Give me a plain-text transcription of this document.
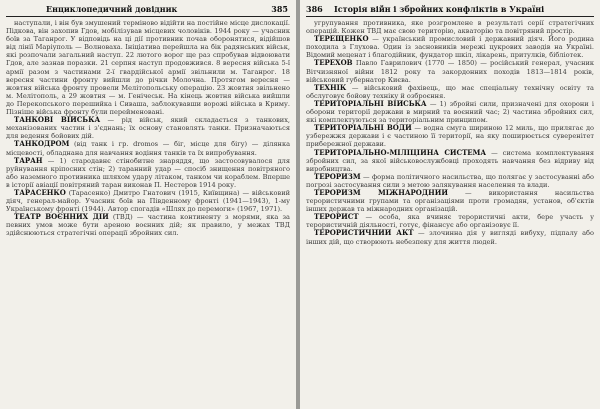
Енциклопедичний довідник	385

наступали, і він був змушений терміново відійти на постійне місце дислокації. Підкова, він захопив Гдов, мобілізував місцевих чоловіків. 1944 року — учасник боїв за Таганрог. У відповідь на ці дії противник почав оборонятися, відійшов від лінії Маріуполь — Волноваха. Ініціатива перейшла на бік радянських військ, які розпочали загальний наступ. 22 лютого ворог ще раз спробував відвоювати Гдов, але зазнав поразки. 21 серпня наступ продовжився. 8 вересня війська 5-ї армії разом з частинами 2-ї гвардійської армії звільнили м. Таганрог. 18 вересня частини фронту вийшли до річки Молочна. Протягом вересня — жовтня війська фронту провели Мелітопольську операцію. 23 жовтня звільнено м. Мелітополь, а 29 жовтня — м. Генічеськ. На кінець жовтня війська вийшли до Перекопського перешийка і Сиваша, заблокувавши ворожі війська в Криму. Пізніше війська фронту були перейменовані.

ТАНКОВІ ВІЙСЬКА — рід військ, який складається з танкових, механізованих частин і з'єднань; їх основу становлять танки. Призначаються для ведення бойових дій.

ТАНКОДРОМ (від танк і гр. dromos — біг, місце для бігу) — ділянка місцевості, обладнана для навчання водіння танків та їх випробування.

ТАРАН — 1) стародавнє стінобитне знаряддя, що застосовувалося для руйнування кріпосних стін; 2) таранний удар — спосіб знищення повітряного або наземного противника шляхом удару літаком, танком чи кораблем. Вперше в історії авіації повітряний таран виконав П. Нестеров 1914 року.

ТАРАСЕНКО (Тарасенко) Дмитро Гнатович (1915, Київщина) — військовий діяч, генерал-майор. Учасник боїв на Південному фронті (1941—1943), 1-му Українському фронті (1944). Автор спогадів «Шлях до перемоги» (1967, 1971).

ТЕАТР ВОЄННИХ ДІЙ (ТВД) — частина континенту з морями, яка за певних умов може бути ареною воєнних дій; як правило, у межах ТВД здійснюються стратегічні операції збройних сил.

386 Історія війн і збройних конфліктів в Україні

угрупування противника, яке розгромлене в результаті серії стратегічних операцій. Кожен ТВД має свою територію, акваторію та повітряний простір.

ТЕРЕЩЕНКО — український промисловий і державний діяч. Його родина походила з Глухова. Один із засновників мережі цукрових заводів на Україні. Відомий меценат і благодійник, фундатор шкіл, лікарень, притулків, бібліотек.

ТЕРЕХОВ Павло Гаврилович (1770 — 1850) — російський генерал, учасник Вітчизняної війни 1812 року та закордонних походів 1813—1814 років, військовий губернатор Києва.

ТЕХНІК — військовий фахівець, що має спеціальну технічну освіту та обслуговує бойову техніку й озброєння.

ТЕРИТОРІАЛЬНІ ВІЙСЬКА — 1) збройні сили, призначені для охорони і оборони території держави в мирний та воєнний час; 2) частина збройних сил, які комплектуються за територіальним принципом.

ТЕРИТОРІАЛЬНІ ВОДИ — водна смуга шириною 12 миль, що прилягає до узбережжя держави і є частиною її території, на яку поширюється суверенітет прибережної держави.

ТЕРИТОРІАЛЬНО-МІЛІЦІЙНА СИСТЕМА — система комплектування збройних сил, за якої військовослужбовці проходять навчання без відриву від виробництва.

ТЕРОРИЗМ — форма політичного насильства, що полягає у застосуванні або погрозі застосування сили з метою залякування населення та влади.

ТЕРОРИЗМ МІЖНАРОДНИЙ — використання насильства терористичними групами та організаціями проти громадян, установ, об'єктів інших держав та міжнародних організацій.

ТЕРОРИСТ — особа, яка вчиняє терористичні акти, бере участь у терористичній діяльності, готує, фінансує або організовує її.

ТЕРОРИСТИЧНИЙ АКТ — злочинна дія у вигляді вибуху, підпалу або інших дій, що створюють небезпеку для життя людей.
